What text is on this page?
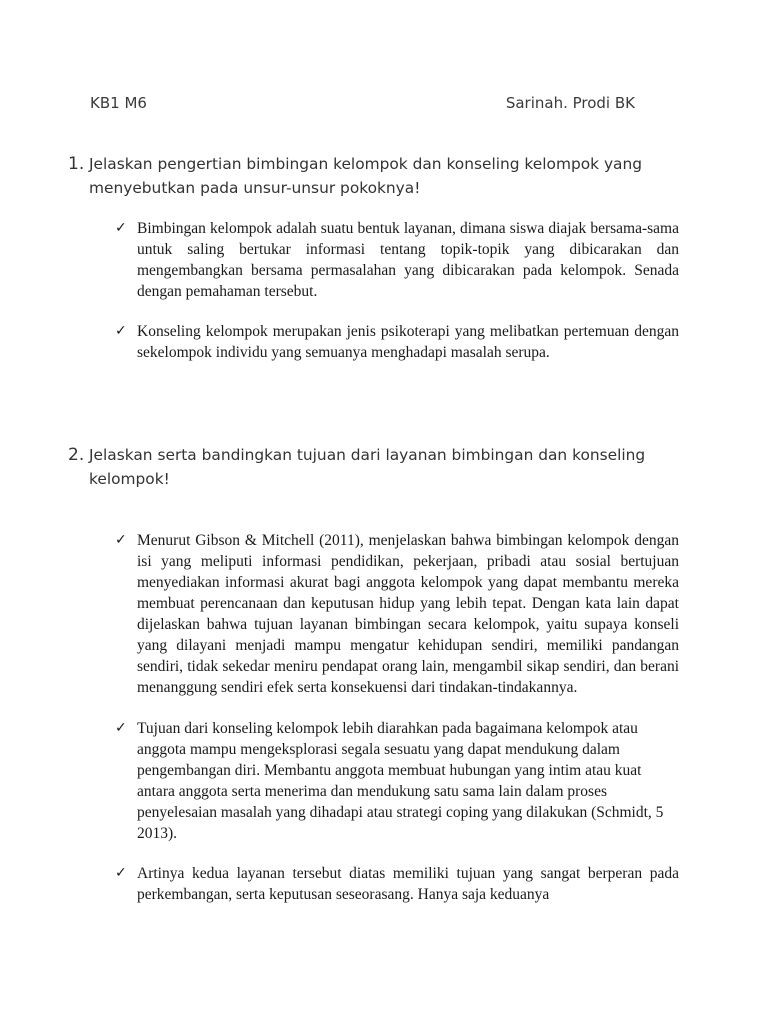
KB1 M6	Sarinah. Prodi BK
1. Jelaskan pengertian bimbingan kelompok dan konseling kelompok yang menyebutkan pada unsur-unsur pokoknya!
✓ Bimbingan kelompok adalah suatu bentuk layanan, dimana siswa diajak bersama-sama untuk saling bertukar informasi tentang topik-topik yang dibicarakan dan mengembangkan bersama permasalahan yang dibicarakan pada kelompok. Senada dengan pemahaman tersebut.
✓ Konseling kelompok merupakan jenis psikoterapi yang melibatkan pertemuan dengan sekelompok individu yang semuanya menghadapi masalah serupa.
2. Jelaskan serta bandingkan tujuan dari layanan bimbingan dan konseling kelompok!
✓ Menurut Gibson & Mitchell (2011), menjelaskan bahwa bimbingan kelompok dengan isi yang meliputi informasi pendidikan, pekerjaan, pribadi atau sosial bertujuan menyediakan informasi akurat bagi anggota kelompok yang dapat membantu mereka membuat perencanaan dan keputusan hidup yang lebih tepat. Dengan kata lain dapat dijelaskan bahwa tujuan layanan bimbingan secara kelompok, yaitu supaya konseli yang dilayani menjadi mampu mengatur kehidupan sendiri, memiliki pandangan sendiri, tidak sekedar meniru pendapat orang lain, mengambil sikap sendiri, dan berani menanggung sendiri efek serta konsekuensi dari tindakan-tindakannya.
✓ Tujuan dari konseling kelompok lebih diarahkan pada bagaimana kelompok atau anggota mampu mengeksplorasi segala sesuatu yang dapat mendukung dalam pengembangan diri. Membantu anggota membuat hubungan yang intim atau kuat antara anggota serta menerima dan mendukung satu sama lain dalam proses penyelesaian masalah yang dihadapi atau strategi coping yang dilakukan (Schmidt, 5 2013).
✓ Artinya kedua layanan tersebut diatas memiliki tujuan yang sangat berperan pada perkembangan, serta keputusan seseorasang. Hanya saja keduanya
